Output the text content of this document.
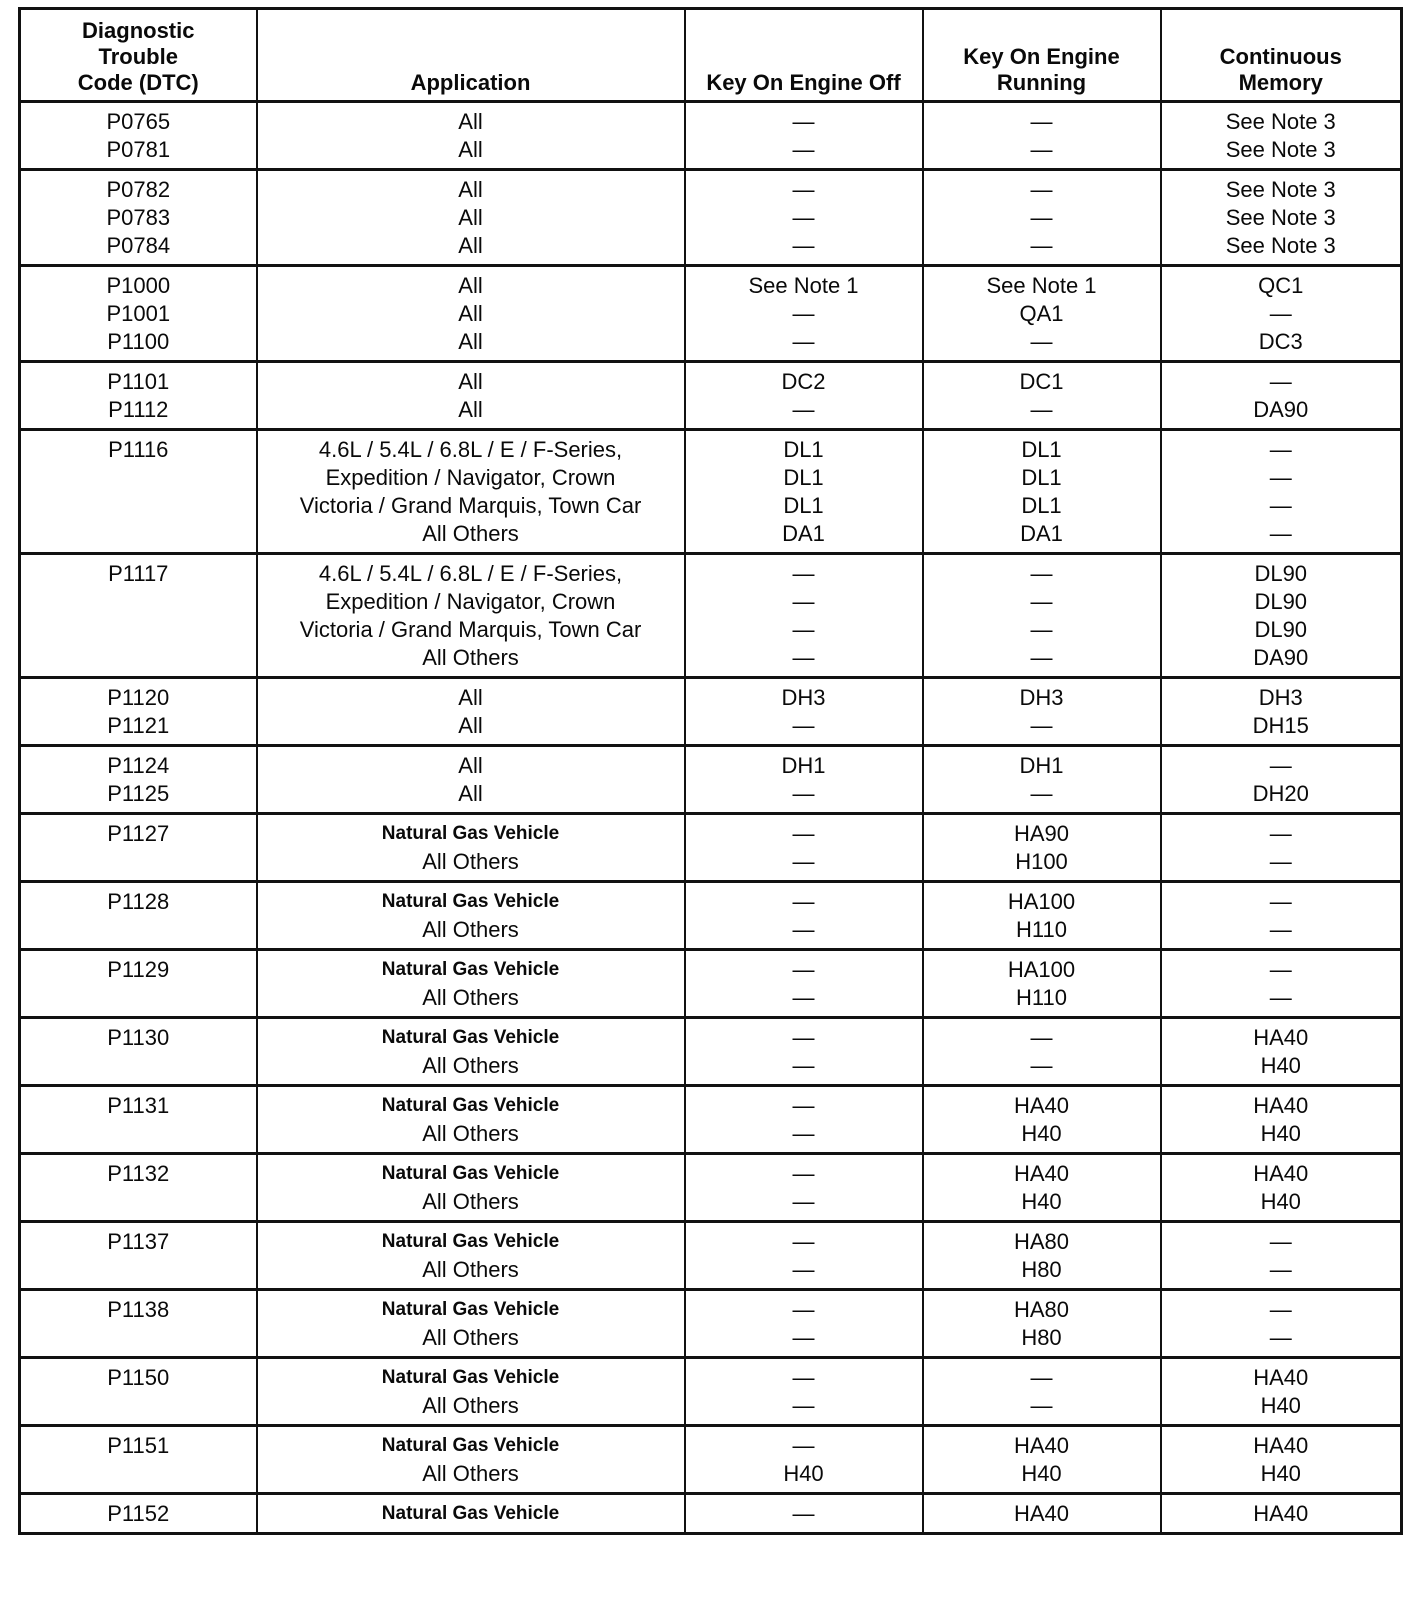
Diagnostic Trouble Code (DTC)	Application	Key On Engine Off	Key On Engine Running	Continuous Memory
P0765	All	—	—	See Note 3
P0781	All	—	—	See Note 3
P0782	All	—	—	See Note 3
P0783	All	—	—	See Note 3
P0784	All	—	—	See Note 3
P1000	All	See Note 1	See Note 1	QC1
P1001	All	—	QA1	—
P1100	All	—	—	DC3
P1101	All	DC2	DC1	—
P1112	All	—	—	DA90
P1116	4.6L / 5.4L / 6.8L / E / F-Series,	DL1	DL1	—
	Expedition / Navigator, Crown	DL1	DL1	—
	Victoria / Grand Marquis, Town Car	DL1	DL1	—
	All Others	DA1	DA1	—
P1117	4.6L / 5.4L / 6.8L / E / F-Series,	—	—	DL90
	Expedition / Navigator, Crown	—	—	DL90
	Victoria / Grand Marquis, Town Car	—	—	DL90
	All Others	—	—	DA90
P1120	All	DH3	DH3	DH3
P1121	All	—	—	DH15
P1124	All	DH1	DH1	—
P1125	All	—	—	DH20
P1127	Natural Gas Vehicle	—	HA90	—
	All Others	—	H100	—
P1128	Natural Gas Vehicle	—	HA100	—
	All Others	—	H110	—
P1129	Natural Gas Vehicle	—	HA100	—
	All Others	—	H110	—
P1130	Natural Gas Vehicle	—	—	HA40
	All Others	—	—	H40
P1131	Natural Gas Vehicle	—	HA40	HA40
	All Others	—	H40	H40
P1132	Natural Gas Vehicle	—	HA40	HA40
	All Others	—	H40	H40
P1137	Natural Gas Vehicle	—	HA80	—
	All Others	—	H80	—
P1138	Natural Gas Vehicle	—	HA80	—
	All Others	—	H80	—
P1150	Natural Gas Vehicle	—	—	HA40
	All Others	—	—	H40
P1151	Natural Gas Vehicle	—	HA40	HA40
	All Others	H40	H40	H40
P1152	Natural Gas Vehicle	—	HA40	HA40
